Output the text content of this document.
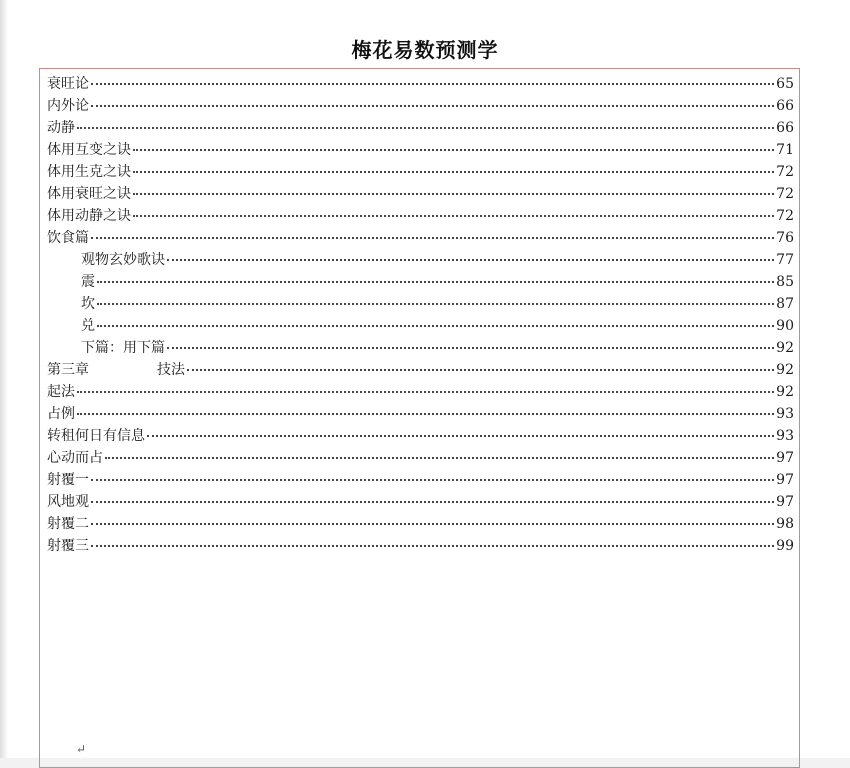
梅花易数预测学
衰旺论	65
内外论	66
动静	66
体用互变之诀	71
体用生克之诀	72
体用衰旺之诀	72
体用动静之诀	72
饮食篇	76
观物玄妙歌诀	77
震	85
坎	87
兑	90
下篇：用下篇	92
第三章	技法	92
起法	92
占例	93
转租何日有信息	93
心动而占	97
射覆一	97
风地观	97
射覆二	98
射覆三	99
↵
